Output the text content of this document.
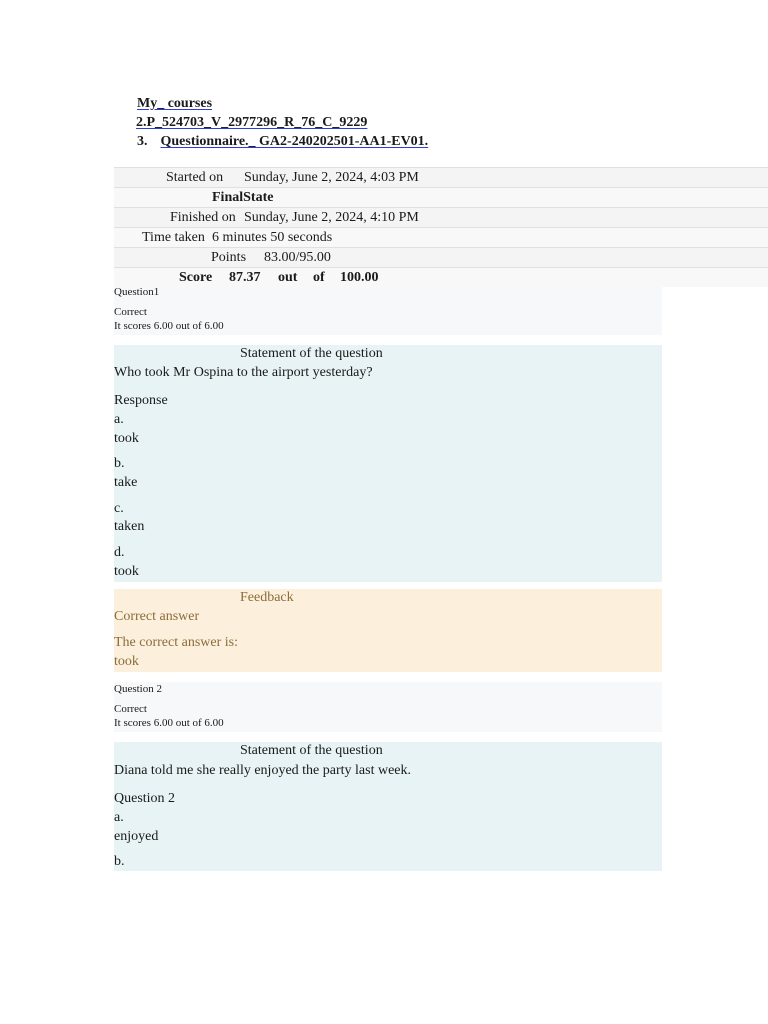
My_ courses
2.P_524703_V_2977296_R_76_C_9229
3. Questionnaire._ GA2-240202501-AA1-EV01.

Started on

Sunday, June 2, 2024, 4:03 PM

FinalState

Finished on

Sunday, June 2, 2024, 4:10 PM

Time taken

6 minutes 50 seconds

Points

83.00/95.00

Score

87.37

out

of

100.00

Question1
Correct
It scores 6.00 out of 6.00
Statement of the question
Who took Mr Ospina to the airport yesterday?
Response
a.
took
b.
take
c.
taken
d.
took
Feedback
Correct answer
The correct answer is:
took
Question 2
Correct
It scores 6.00 out of 6.00
Statement of the question
Diana told me she really enjoyed the party last week.
Question 2
a.
enjoyed
b.
